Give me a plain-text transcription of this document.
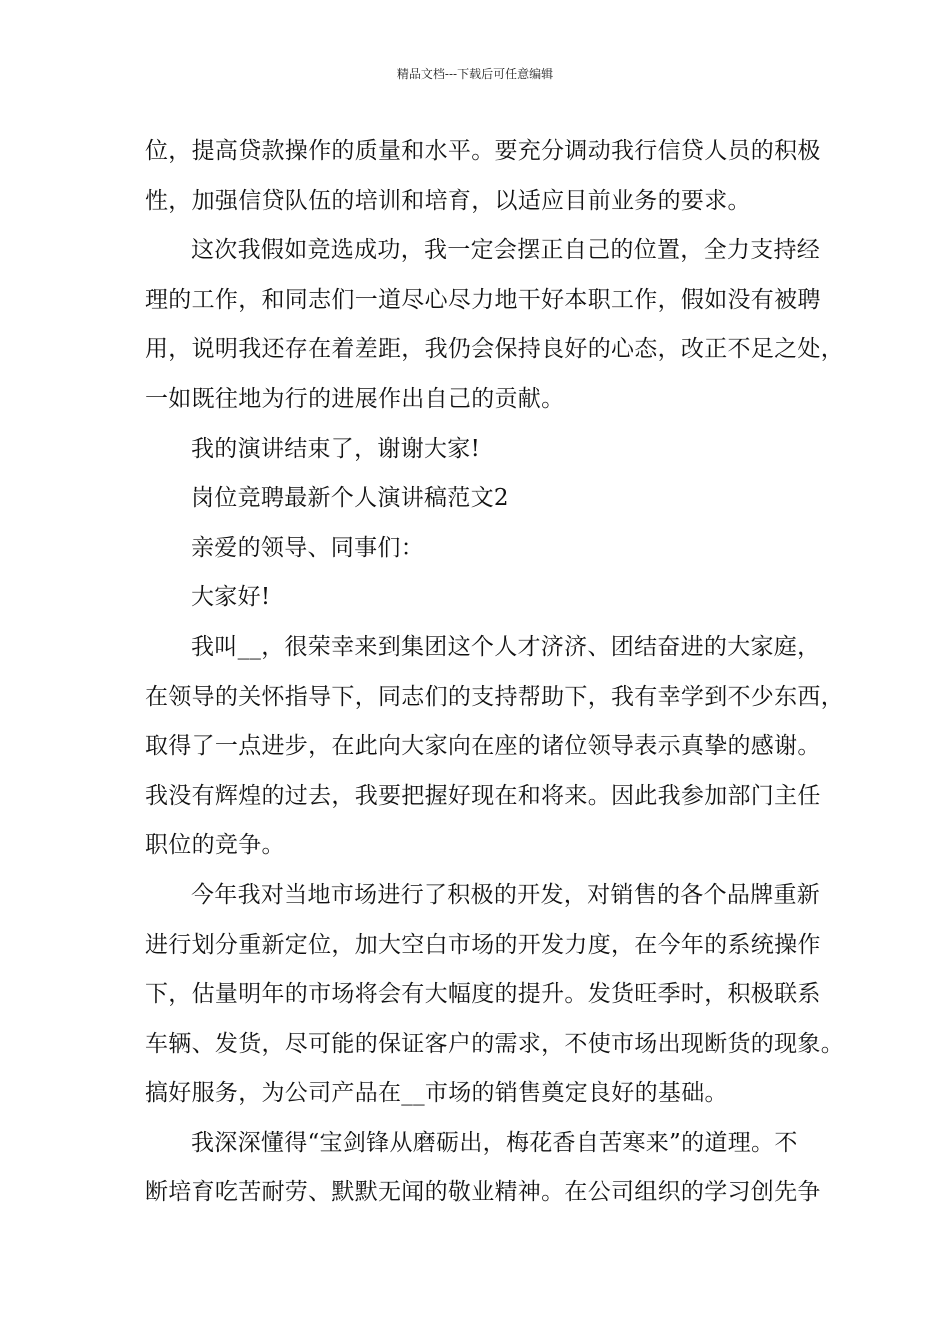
精品文档---下载后可任意编辑
位，提高贷款操作的质量和水平。要充分调动我行信贷人员的积极
性，加强信贷队伍的培训和培育，以适应目前业务的要求。
这次我假如竞选成功，我一定会摆正自己的位置，全力支持经
理的工作，和同志们一道尽心尽力地干好本职工作，假如没有被聘
用，说明我还存在着差距，我仍会保持良好的心态，改正不足之处，
一如既往地为行的进展作出自己的贡献。
我的演讲结束了，谢谢大家!
岗位竞聘最新个人演讲稿范文2
亲爱的领导、同事们：
大家好!
我叫__，很荣幸来到集团这个人才济济、团结奋进的大家庭，
在领导的关怀指导下，同志们的支持帮助下，我有幸学到不少东西，
取得了一点进步，在此向大家向在座的诸位领导表示真挚的感谢。
我没有辉煌的过去，我要把握好现在和将来。因此我参加部门主任
职位的竞争。
今年我对当地市场进行了积极的开发，对销售的各个品牌重新
进行划分重新定位，加大空白市场的开发力度，在今年的系统操作
下，估量明年的市场将会有大幅度的提升。发货旺季时，积极联系
车辆、发货，尽可能的保证客户的需求，不使市场出现断货的现象。
搞好服务，为公司产品在__市场的销售奠定良好的基础。
我深深懂得“宝剑锋从磨砺出，梅花香自苦寒来”的道理。不
断培育吃苦耐劳、默默无闻的敬业精神。在公司组织的学习创先争
